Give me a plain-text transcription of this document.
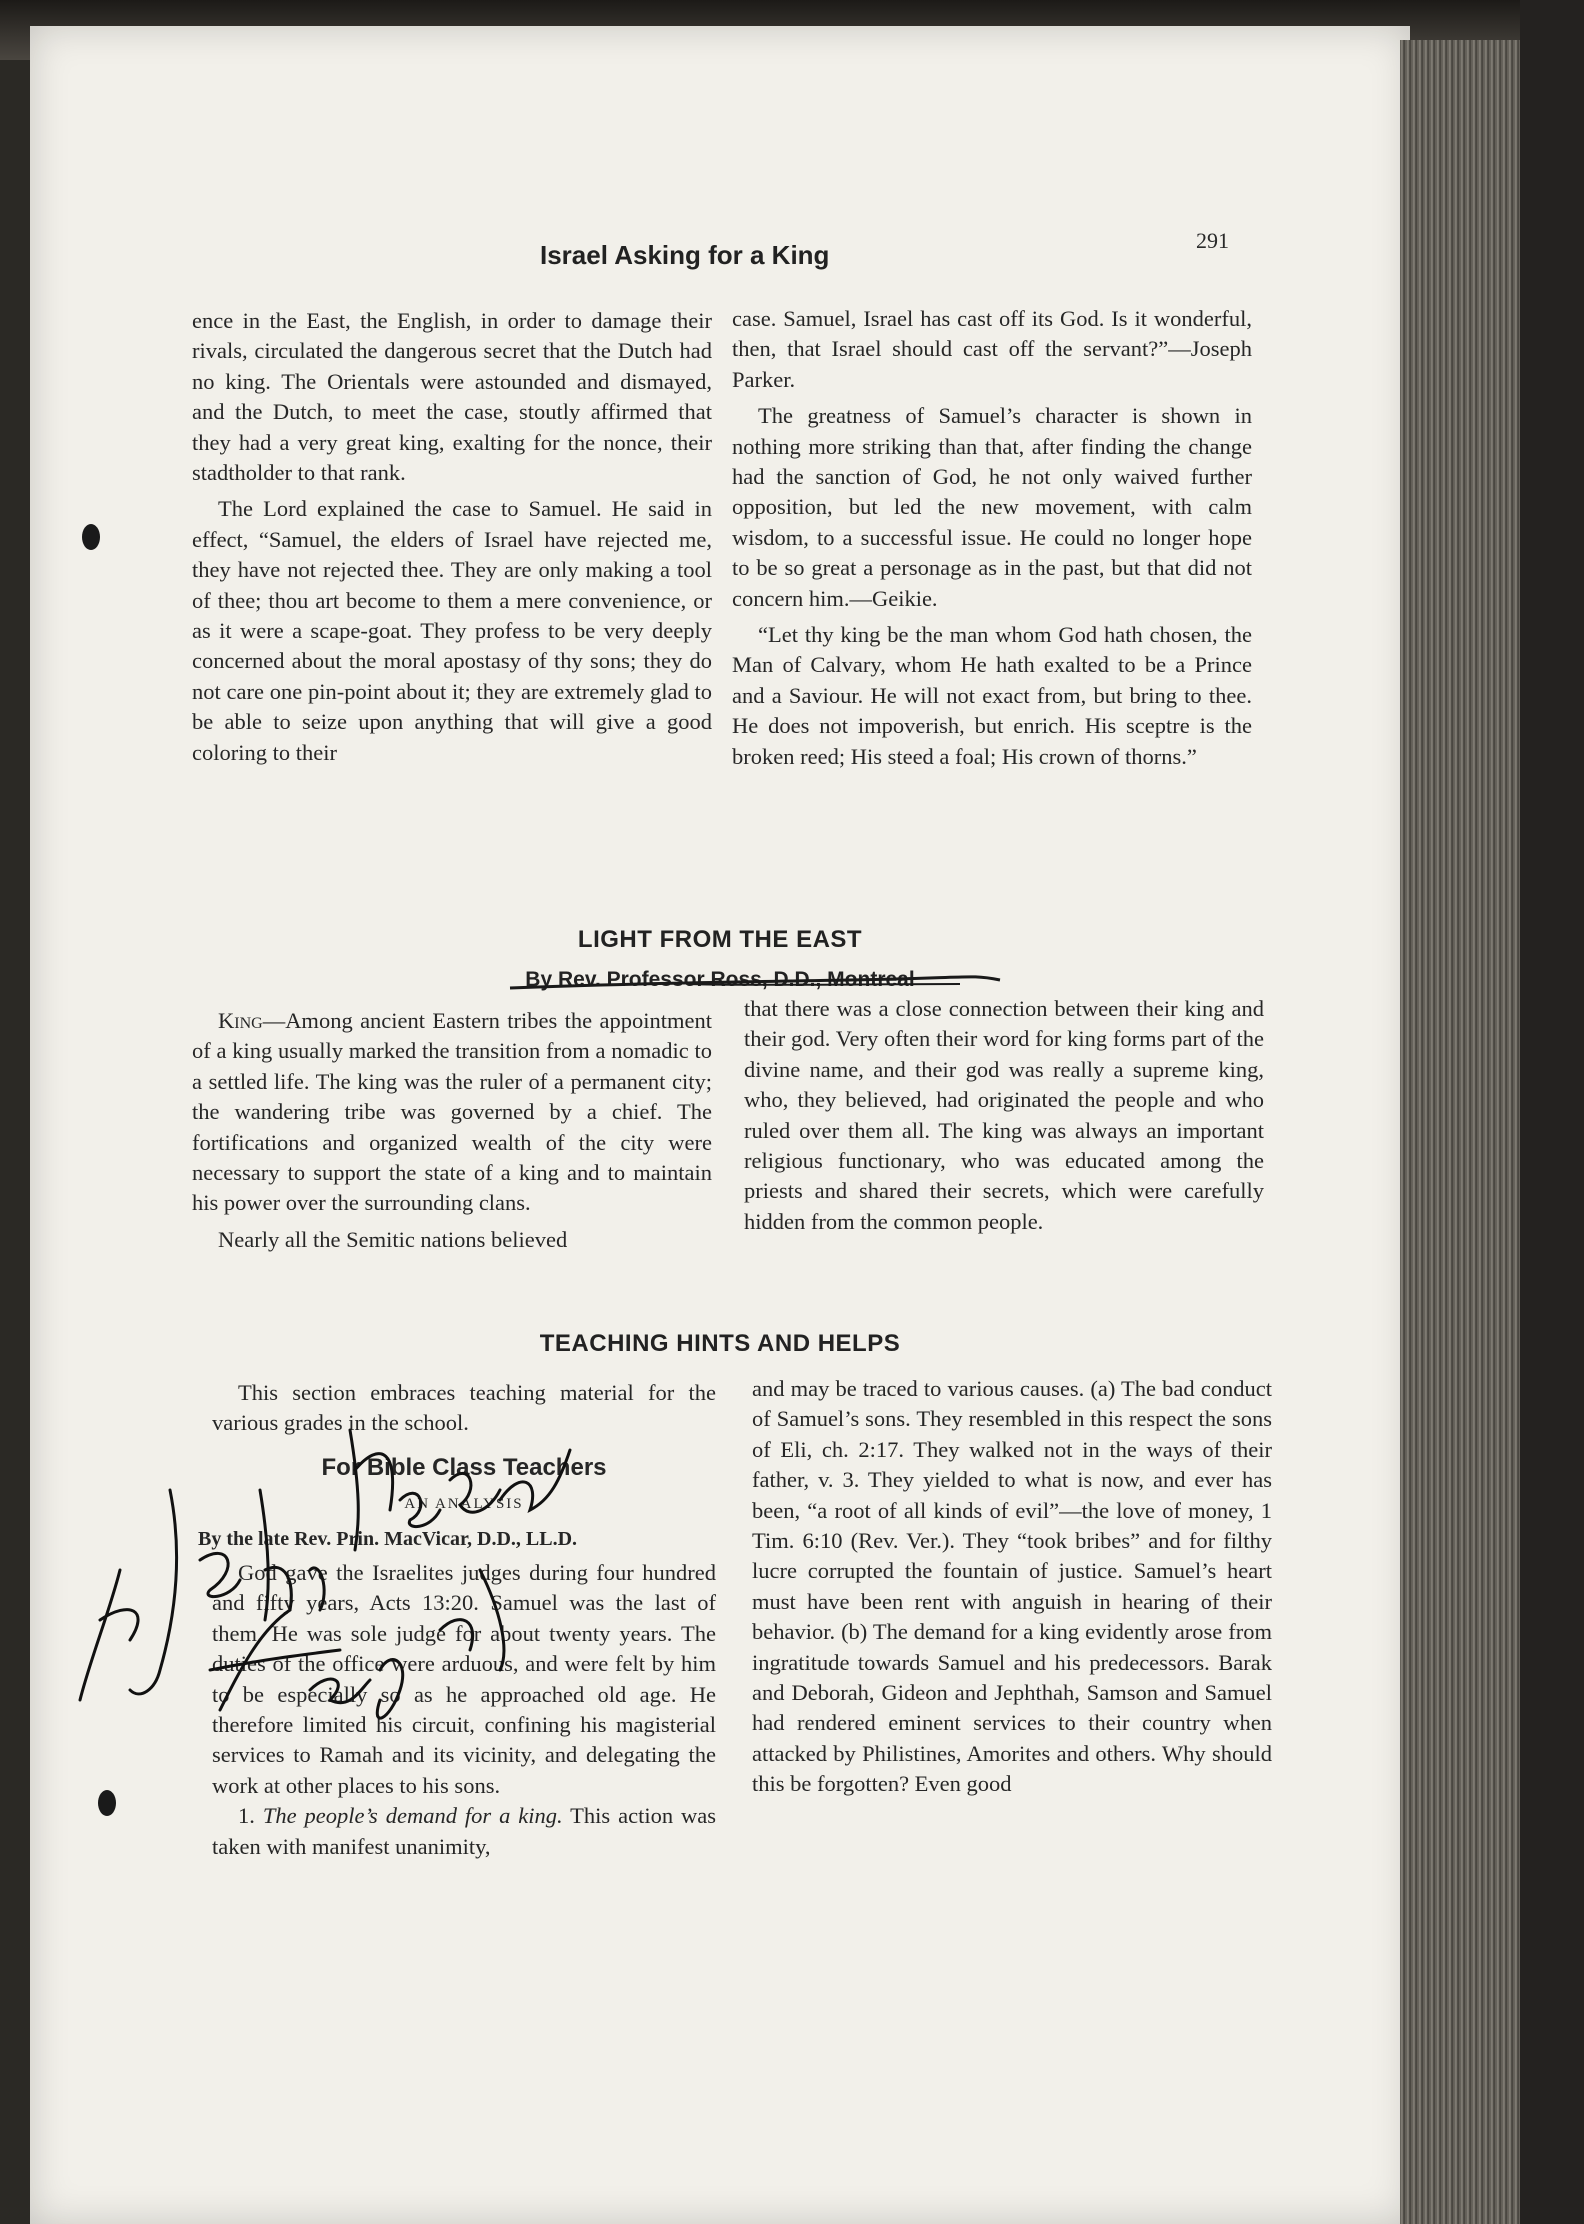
Israel Asking for a King	291

ence in the East, the English, in order to damage their rivals, circulated the dangerous secret that the Dutch had no king. The Orientals were astounded and dismayed, and the Dutch, to meet the case, stoutly affirmed that they had a very great king, exalting for the nonce, their stadtholder to that rank.

The Lord explained the case to Samuel. He said in effect, “Samuel, the elders of Israel have rejected me, they have not rejected thee. They are only making a tool of thee; thou art become to them a mere convenience, or as it were a scape-goat. They profess to be very deeply concerned about the moral apostasy of thy sons; they do not care one pin-point about it; they are extremely glad to be able to seize upon anything that will give a good coloring to their

case. Samuel, Israel has cast off its God. Is it wonderful, then, that Israel should cast off the servant?”—Joseph Parker.

The greatness of Samuel’s character is shown in nothing more striking than that, after finding the change had the sanction of God, he not only waived further opposition, but led the new movement, with calm wisdom, to a successful issue. He could no longer hope to be so great a personage as in the past, but that did not concern him.—Geikie.

“Let thy king be the man whom God hath chosen, the Man of Calvary, whom He hath exalted to be a Prince and a Saviour. He will not exact from, but bring to thee. He does not impoverish, but enrich. His sceptre is the broken reed; His steed a foal; His crown of thorns.”

LIGHT FROM THE EAST
By Rev. Professor Ross, D.D., Montreal

King—Among ancient Eastern tribes the appointment of a king usually marked the transition from a nomadic to a settled life. The king was the ruler of a permanent city; the wandering tribe was governed by a chief. The fortifications and organized wealth of the city were necessary to support the state of a king and to maintain his power over the surrounding clans.

Nearly all the Semitic nations believed

that there was a close connection between their king and their god. Very often their word for king forms part of the divine name, and their god was really a supreme king, who, they believed, had originated the people and who ruled over them all. The king was always an important religious functionary, who was educated among the priests and shared their secrets, which were carefully hidden from the common people.

TEACHING HINTS AND HELPS

This section embraces teaching material for the various grades in the school.

For Bible Class Teachers
AN ANALYSIS
By the late Rev. Prin. MacVicar, D.D., LL.D.

God gave the Israelites judges during four hundred and fifty years, Acts 13:20. Samuel was the last of them. He was sole judge for about twenty years. The duties of the office were arduous, and were felt by him to be especially so as he approached old age. He therefore limited his circuit, confining his magisterial services to Ramah and its vicinity, and delegating the work at other places to his sons.

1. The people’s demand for a king. This action was taken with manifest unanimity,

and may be traced to various causes. (a) The bad conduct of Samuel’s sons. They resembled in this respect the sons of Eli, ch. 2:17. They walked not in the ways of their father, v. 3. They yielded to what is now, and ever has been, “a root of all kinds of evil”—the love of money, 1 Tim. 6:10 (Rev. Ver.). They “took bribes” and for filthy lucre corrupted the fountain of justice. Samuel’s heart must have been rent with anguish in hearing of their behavior. (b) The demand for a king evidently arose from ingratitude towards Samuel and his predecessors. Barak and Deborah, Gideon and Jephthah, Samson and Samuel had rendered eminent services to their country when attacked by Philistines, Amorites and others. Why should this be forgotten? Even good
